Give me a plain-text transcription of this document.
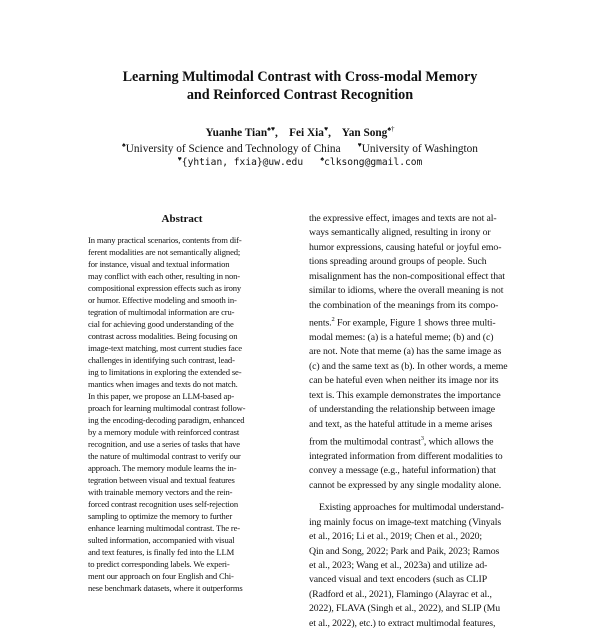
Learning Multimodal Contrast with Cross-modal Memory
and Reinforced Contrast Recognition
Yuanhe Tian♠♥,    Fei Xia♥,    Yan Song♠†
♠University of Science and Technology of China ♥University of Washington
♥{yhtian, fxia}@uw.edu ♠clksong@gmail.com
Abstract
In many practical scenarios, contents from dif-
ferent modalities are not semantically aligned;
for instance, visual and textual information
may conflict with each other, resulting in non-
compositional expression effects such as irony
or humor. Effective modeling and smooth in-
tegration of multimodal information are cru-
cial for achieving good understanding of the
contrast across modalities. Being focusing on
image-text matching, most current studies face
challenges in identifying such contrast, lead-
ing to limitations in exploring the extended se-
mantics when images and texts do not match.
In this paper, we propose an LLM-based ap-
proach for learning multimodal contrast follow-
ing the encoding-decoding paradigm, enhanced
by a memory module with reinforced contrast
recognition, and use a series of tasks that have
the nature of multimodal contrast to verify our
approach. The memory module learns the in-
tegration between visual and textual features
with trainable memory vectors and the rein-
forced contrast recognition uses self-rejection
sampling to optimize the memory to further
enhance learning multimodal contrast. The re-
sulted information, accompanied with visual
and text features, is finally fed into the LLM
to predict corresponding labels. We experi-
ment our approach on four English and Chi-
nese benchmark datasets, where it outperforms
the expressive effect, images and texts are not al-
ways semantically aligned, resulting in irony or
humor expressions, causing hateful or joyful emo-
tions spreading around groups of people. Such
misalignment has the non-compositional effect that
similar to idioms, where the overall meaning is not
the combination of the meanings from its compo-
nents.$^2$ For example, Figure 1 shows three multi-
modal memes: (a) is a hateful meme; (b) and (c)
are not. Note that meme (a) has the same image as
(c) and the same text as (b). In other words, a meme
can be hateful even when neither its image nor its
text is. This example demonstrates the importance
of understanding the relationship between image
and text, as the hateful attitude in a meme arises
from the multimodal contrast$^3$, which allows the
integrated information from different modalities to
convey a message (e.g., hateful information) that
cannot be expressed by any single modality alone.
Existing approaches for multimodal understand-
ing mainly focus on image-text matching (Vinyals
et al., 2016; Li et al., 2019; Chen et al., 2020;
Qin and Song, 2022; Park and Paik, 2023; Ramos
et al., 2023; Wang et al., 2023a) and utilize ad-
vanced visual and text encoders (such as CLIP
(Radford et al., 2021), Flamingo (Alayrac et al.,
2022), FLAVA (Singh et al., 2022), and SLIP (Mu
et al., 2022), etc.) to extract multimodal features,
